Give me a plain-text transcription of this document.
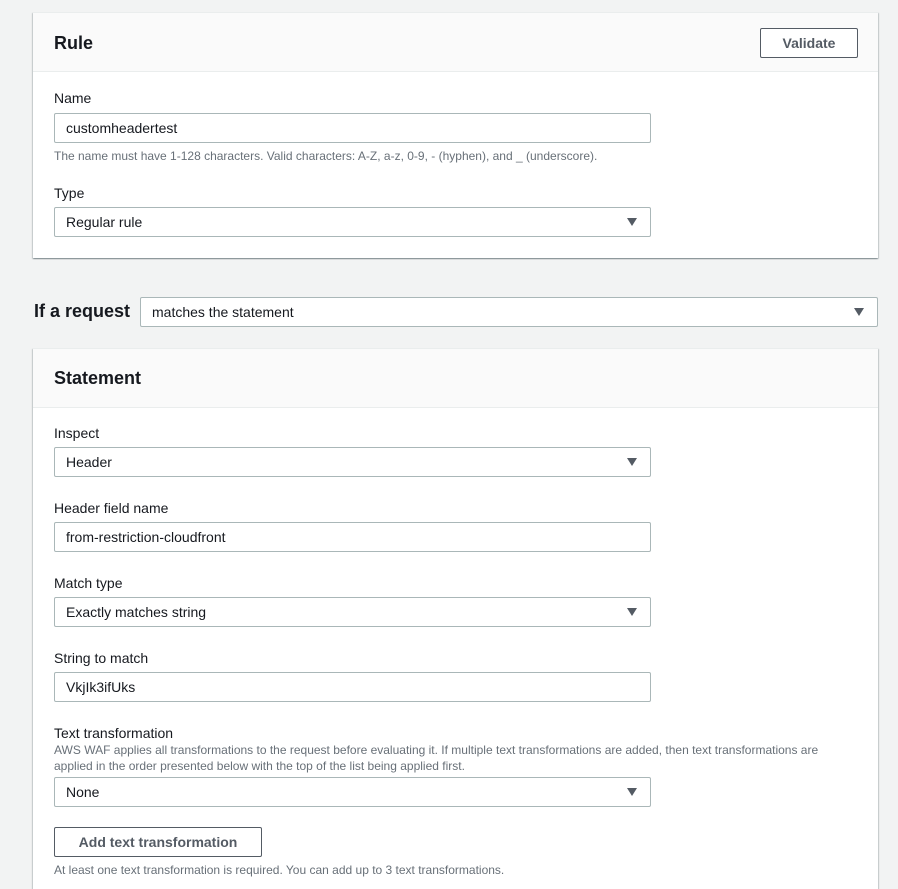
Rule	Validate
Name
customheadertest
The name must have 1-128 characters. Valid characters: A-Z, a-z, 0-9, - (hyphen), and _ (underscore).
Type
Regular rule
If a request matches the statement
Statement
Inspect
Header
Header field name
from-restriction-cloudfront
Match type
Exactly matches string
String to match
VkjIk3ifUks
Text transformation
AWS WAF applies all transformations to the request before evaluating it. If multiple text transformations are added, then text transformations are applied in the order presented below with the top of the list being applied first.
None
Add text transformation
At least one text transformation is required. You can add up to 3 text transformations.
